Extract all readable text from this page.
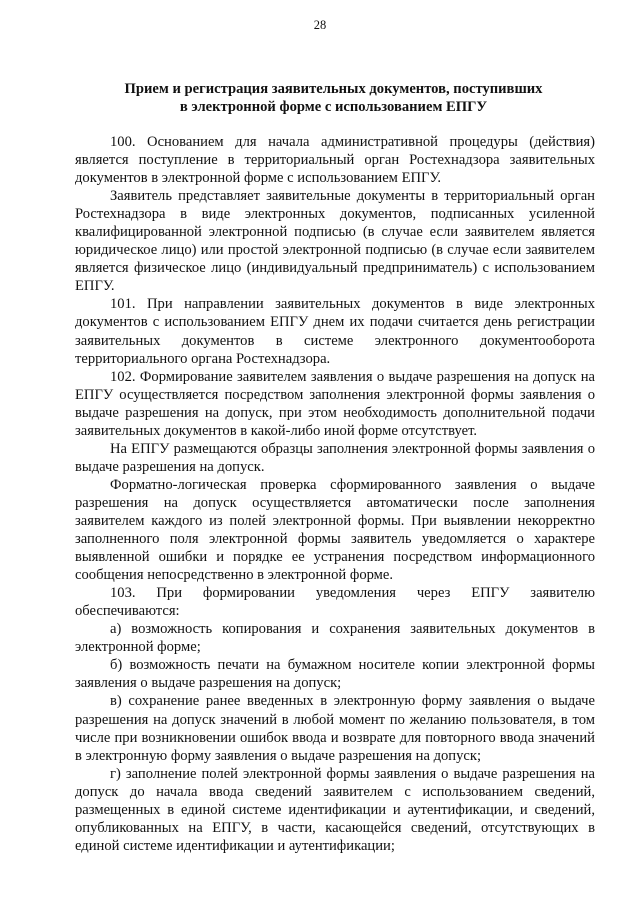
28
Прием и регистрация заявительных документов, поступивших
в электронной форме с использованием ЕПГУ

100. Основанием для начала административной процедуры (действия) является поступление в территориальный орган Ростехнадзора заявительных документов в электронной форме с использованием ЕПГУ.

Заявитель представляет заявительные документы в территориальный орган Ростехнадзора в виде электронных документов, подписанных усиленной квалифицированной электронной подписью (в случае если заявителем является юридическое лицо) или простой электронной подписью (в случае если заявителем является физическое лицо (индивидуальный предприниматель) с использованием ЕПГУ.

101. При направлении заявительных документов в виде электронных документов с использованием ЕПГУ днем их подачи считается день регистрации заявительных документов в системе электронного документооборота территориального органа Ростехнадзора.

102. Формирование заявителем заявления о выдаче разрешения на допуск на ЕПГУ осуществляется посредством заполнения электронной формы заявления о выдаче разрешения на допуск, при этом необходимость дополнительной подачи заявительных документов в какой-либо иной форме отсутствует.

На ЕПГУ размещаются образцы заполнения электронной формы заявления о выдаче разрешения на допуск.

Форматно-логическая проверка сформированного заявления о выдаче разрешения на допуск осуществляется автоматически после заполнения заявителем каждого из полей электронной формы. При выявлении некорректно заполненного поля электронной формы заявитель уведомляется о характере выявленной ошибки и порядке ее устранения посредством информационного сообщения непосредственно в электронной форме.

103. При формировании уведомления через ЕПГУ заявителю обеспечиваются:

а) возможность копирования и сохранения заявительных документов в электронной форме;

б) возможность печати на бумажном носителе копии электронной формы заявления о выдаче разрешения на допуск;

в) сохранение ранее введенных в электронную форму заявления о выдаче разрешения на допуск значений в любой момент по желанию пользователя, в том числе при возникновении ошибок ввода и возврате для повторного ввода значений в электронную форму заявления о выдаче разрешения на допуск;

г) заполнение полей электронной формы заявления о выдаче разрешения на допуск до начала ввода сведений заявителем с использованием сведений, размещенных в единой системе идентификации и аутентификации, и сведений, опубликованных на ЕПГУ, в части, касающейся сведений, отсутствующих в единой системе идентификации и аутентификации;
